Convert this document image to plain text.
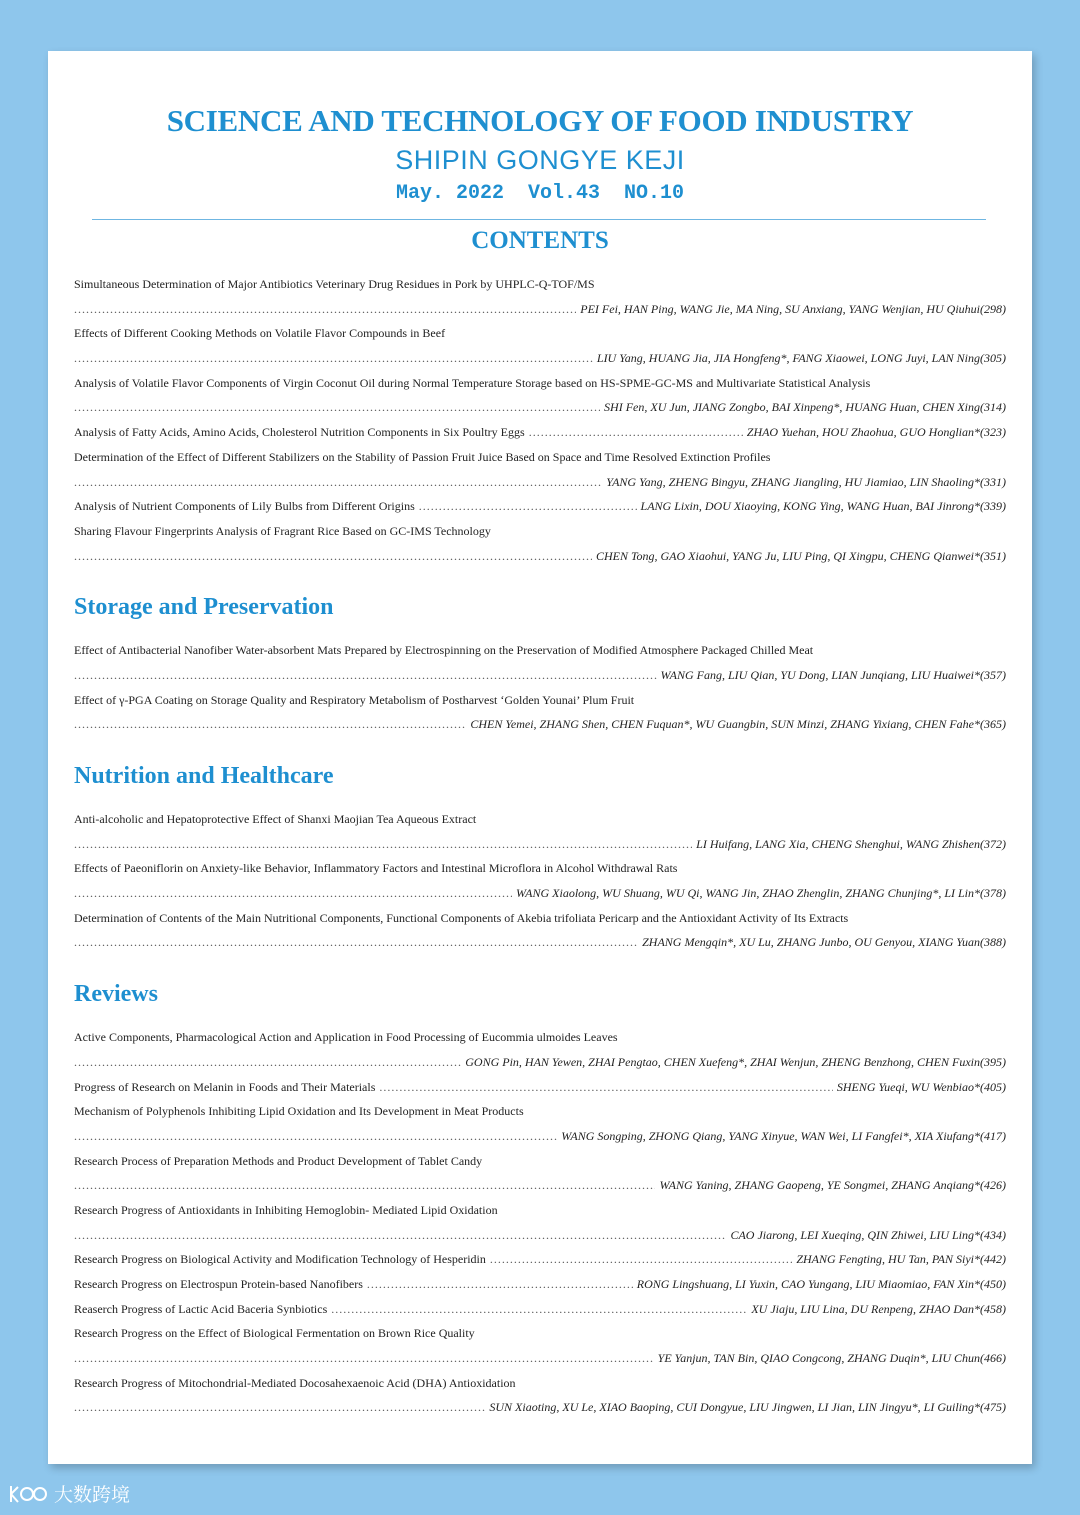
SCIENCE AND TECHNOLOGY OF FOOD INDUSTRY
SHIPIN GONGYE KEJI
May. 2022  Vol.43  NO.10
CONTENTS
Simultaneous Determination of Major Antibiotics Veterinary Drug Residues in Pork by UHPLC-Q-TOF/MS
.....
PEI Fei, HAN Ping, WANG Jie, MA Ning, SU Anxiang, YANG Wenjian, HU Qiuhui(298)
Effects of Different Cooking Methods on Volatile Flavor Compounds in Beef
.....
LIU Yang, HUANG Jia, JIA Hongfeng*, FANG Xiaowei, LONG Juyi, LAN Ning(305)
Analysis of Volatile Flavor Components of Virgin Coconut Oil during Normal Temperature Storage based on HS-SPME-GC-MS and Multivariate Statistical Analysis
.....
SHI Fen, XU Jun, JIANG Zongbo, BAI Xinpeng*, HUANG Huan, CHEN Xing(314)
Analysis of Fatty Acids, Amino Acids, Cholesterol Nutrition Components in Six Poultry Eggs .....	ZHAO Yuehan, HOU Zhaohua, GUO Honglian*(323)
Determination of the Effect of Different Stabilizers on the Stability of Passion Fruit Juice Based on Space and Time Resolved Extinction Profiles
.....
YANG Yang, ZHENG Bingyu, ZHANG Jiangling, HU Jiamiao, LIN Shaoling*(331)
Analysis of Nutrient Components of Lily Bulbs from Different Origins .....	LANG Lixin, DOU Xiaoying, KONG Ying, WANG Huan, BAI Jinrong*(339)
Sharing Flavour Fingerprints Analysis of Fragrant Rice Based on GC-IMS Technology
.....
CHEN Tong, GAO Xiaohui, YANG Ju, LIU Ping, QI Xingpu, CHENG Qianwei*(351)
Storage and Preservation
Effect of Antibacterial Nanofiber Water-absorbent Mats Prepared by Electrospinning on the Preservation of Modified Atmosphere Packaged Chilled Meat
.....
WANG Fang, LIU Qian, YU Dong, LIAN Junqiang, LIU Huaiwei*(357)
Effect of γ-PGA Coating on Storage Quality and Respiratory Metabolism of Postharvest ‘Golden Younai’ Plum Fruit
.....
CHEN Yemei, ZHANG Shen, CHEN Fuquan*, WU Guangbin, SUN Minzi, ZHANG Yixiang, CHEN Fahe*(365)
Nutrition and Healthcare
Anti-alcoholic and Hepatoprotective Effect of Shanxi Maojian Tea Aqueous Extract
.....
LI Huifang, LANG Xia, CHENG Shenghui, WANG Zhishen(372)
Effects of Paeoniflorin on Anxiety-like Behavior, Inflammatory Factors and Intestinal Microflora in Alcohol Withdrawal Rats
.....
WANG Xiaolong, WU Shuang, WU Qi, WANG Jin, ZHAO Zhenglin, ZHANG Chunjing*, LI Lin*(378)
Determination of Contents of the Main Nutritional Components, Functional Components of Akebia trifoliata Pericarp and the Antioxidant Activity of Its Extracts
.....
ZHANG Mengqin*, XU Lu, ZHANG Junbo, OU Genyou, XIANG Yuan(388)
Reviews
Active Components, Pharmacological Action and Application in Food Processing of Eucommia ulmoides Leaves
.....
GONG Pin, HAN Yewen, ZHAI Pengtao, CHEN Xuefeng*, ZHAI Wenjun, ZHENG Benzhong, CHEN Fuxin(395)
Progress of Research on Melanin in Foods and Their Materials .....	SHENG Yueqi, WU Wenbiao*(405)
Mechanism of Polyphenols Inhibiting Lipid Oxidation and Its Development in Meat Products
.....
WANG Songping, ZHONG Qiang, YANG Xinyue, WAN Wei, LI Fangfei*, XIA Xiufang*(417)
Research Process of Preparation Methods and Product Development of Tablet Candy
.....
WANG Yaning, ZHANG Gaopeng, YE Songmei, ZHANG Anqiang*(426)
Research Progress of Antioxidants in Inhibiting Hemoglobin- Mediated Lipid Oxidation
.....
CAO Jiarong, LEI Xueqing, QIN Zhiwei, LIU Ling*(434)
Research Progress on Biological Activity and Modification Technology of Hesperidin .....	ZHANG Fengting, HU Tan, PAN Siyi*(442)
Research Progress on Electrospun Protein-based Nanofibers .....	RONG Lingshuang, LI Yuxin, CAO Yungang, LIU Miaomiao, FAN Xin*(450)
Reaserch Progress of Lactic Acid Baceria Synbiotics .....	XU Jiaju, LIU Lina, DU Renpeng, ZHAO Dan*(458)
Research Progress on the Effect of Biological Fermentation on Brown Rice Quality
.....
YE Yanjun, TAN Bin, QIAO Congcong, ZHANG Duqin*, LIU Chun(466)
Research Progress of Mitochondrial-Mediated Docosahexaenoic Acid (DHA) Antioxidation
.....
SUN Xiaoting, XU Le, XIAO Baoping, CUI Dongyue, LIU Jingwen, LI Jian, LIN Jingyu*, LI Guiling*(475)
大数跨境
